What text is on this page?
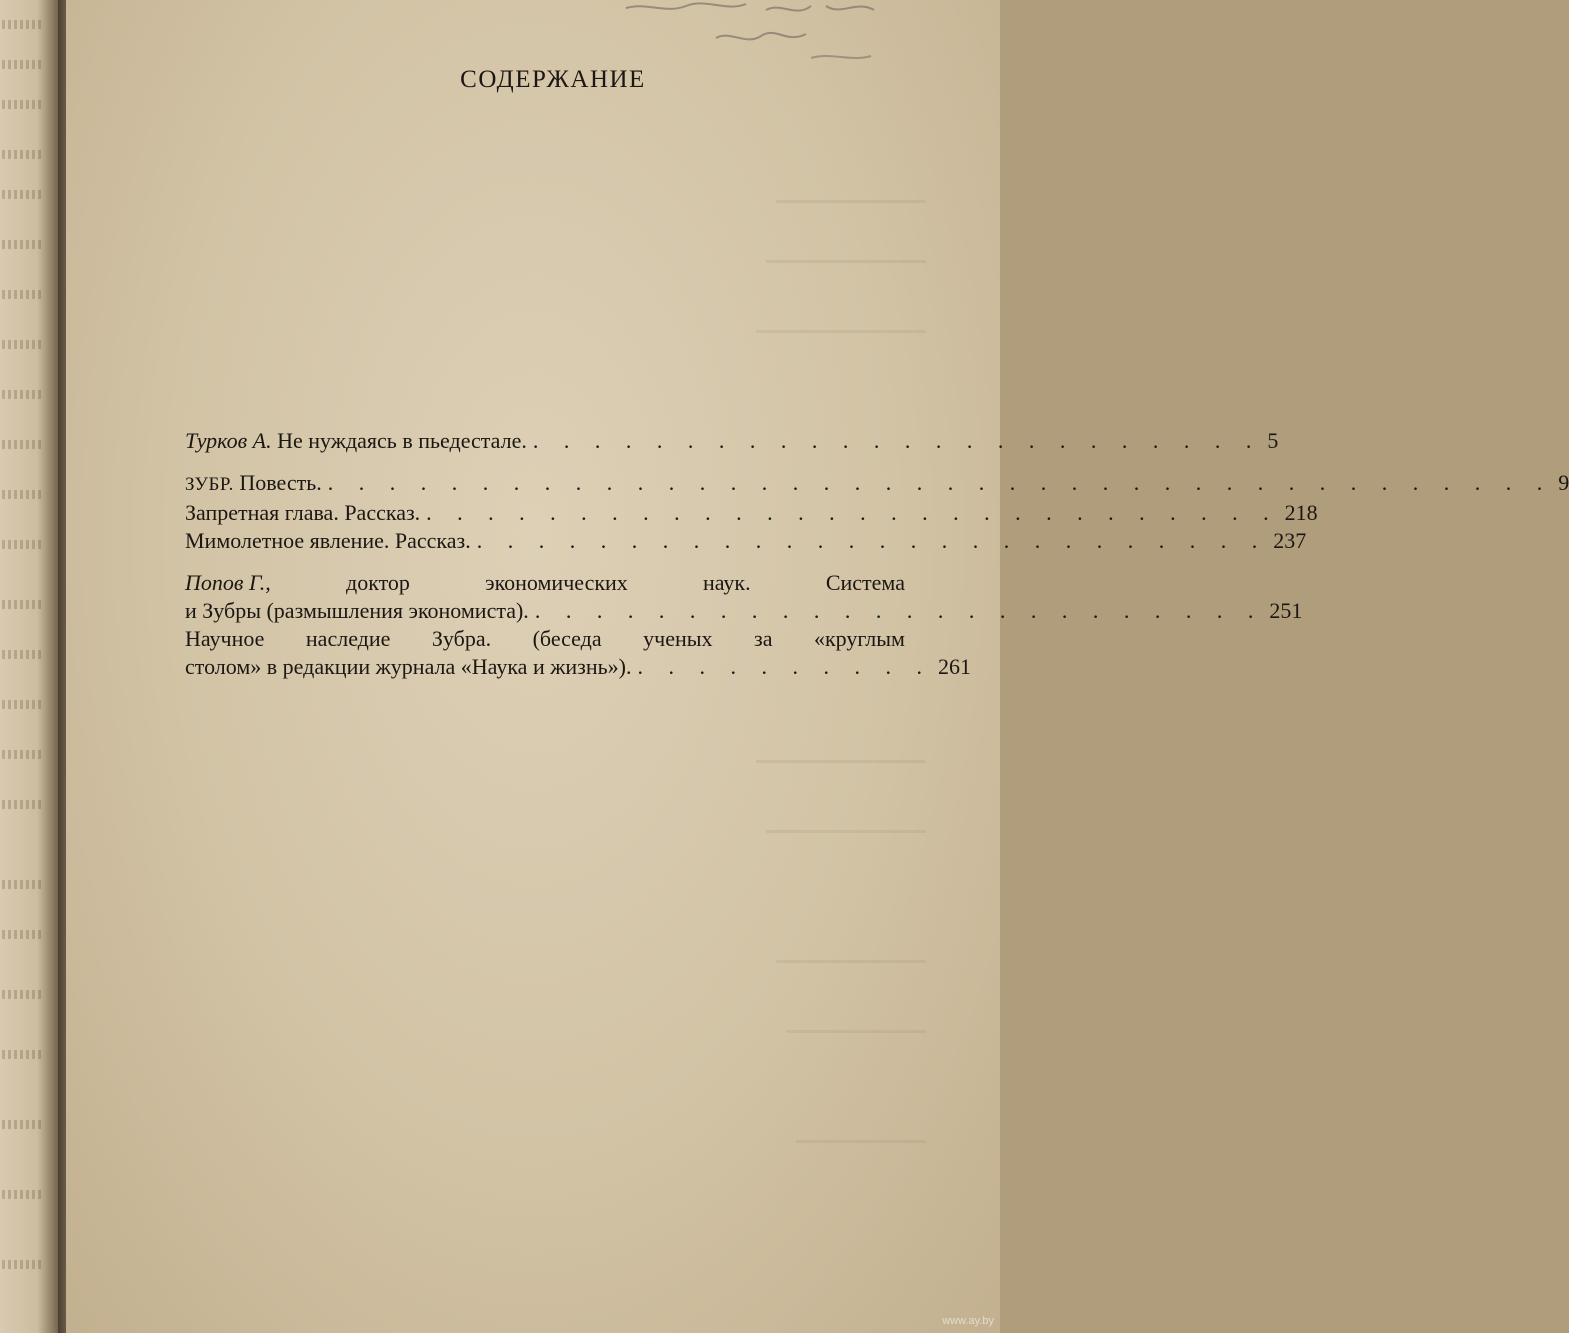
СОДЕРЖАНИЕ
Турков А. Не нуждаясь в пьедестале. . . . . . . . . . . . . . . . . . . . . . . . . 5
ЗУБР. Повесть. . . . . . . . . . . . . . . . . . . . . . . . . . . . . . . . . . . . . . . . . 9
Запретная глава. Рассказ. . . . . . . . . . . . . . . . . . . . . . . . . . . . . 218
Мимолетное явление. Рассказ. . . . . . . . . . . . . . . . . . . . . . . . . . . 237
Попов Г.,	доктор	экономических	наук.	Система
и Зубры (размышления экономиста). . . . . . . . . . . . . . . . . . . . . . . . . 251
Научное наследие Зубра. (беседа ученых за «круглым
столом» в редакции журнала «Наука и жизнь»). . . . . . . . . . . 261
www.ay.by
